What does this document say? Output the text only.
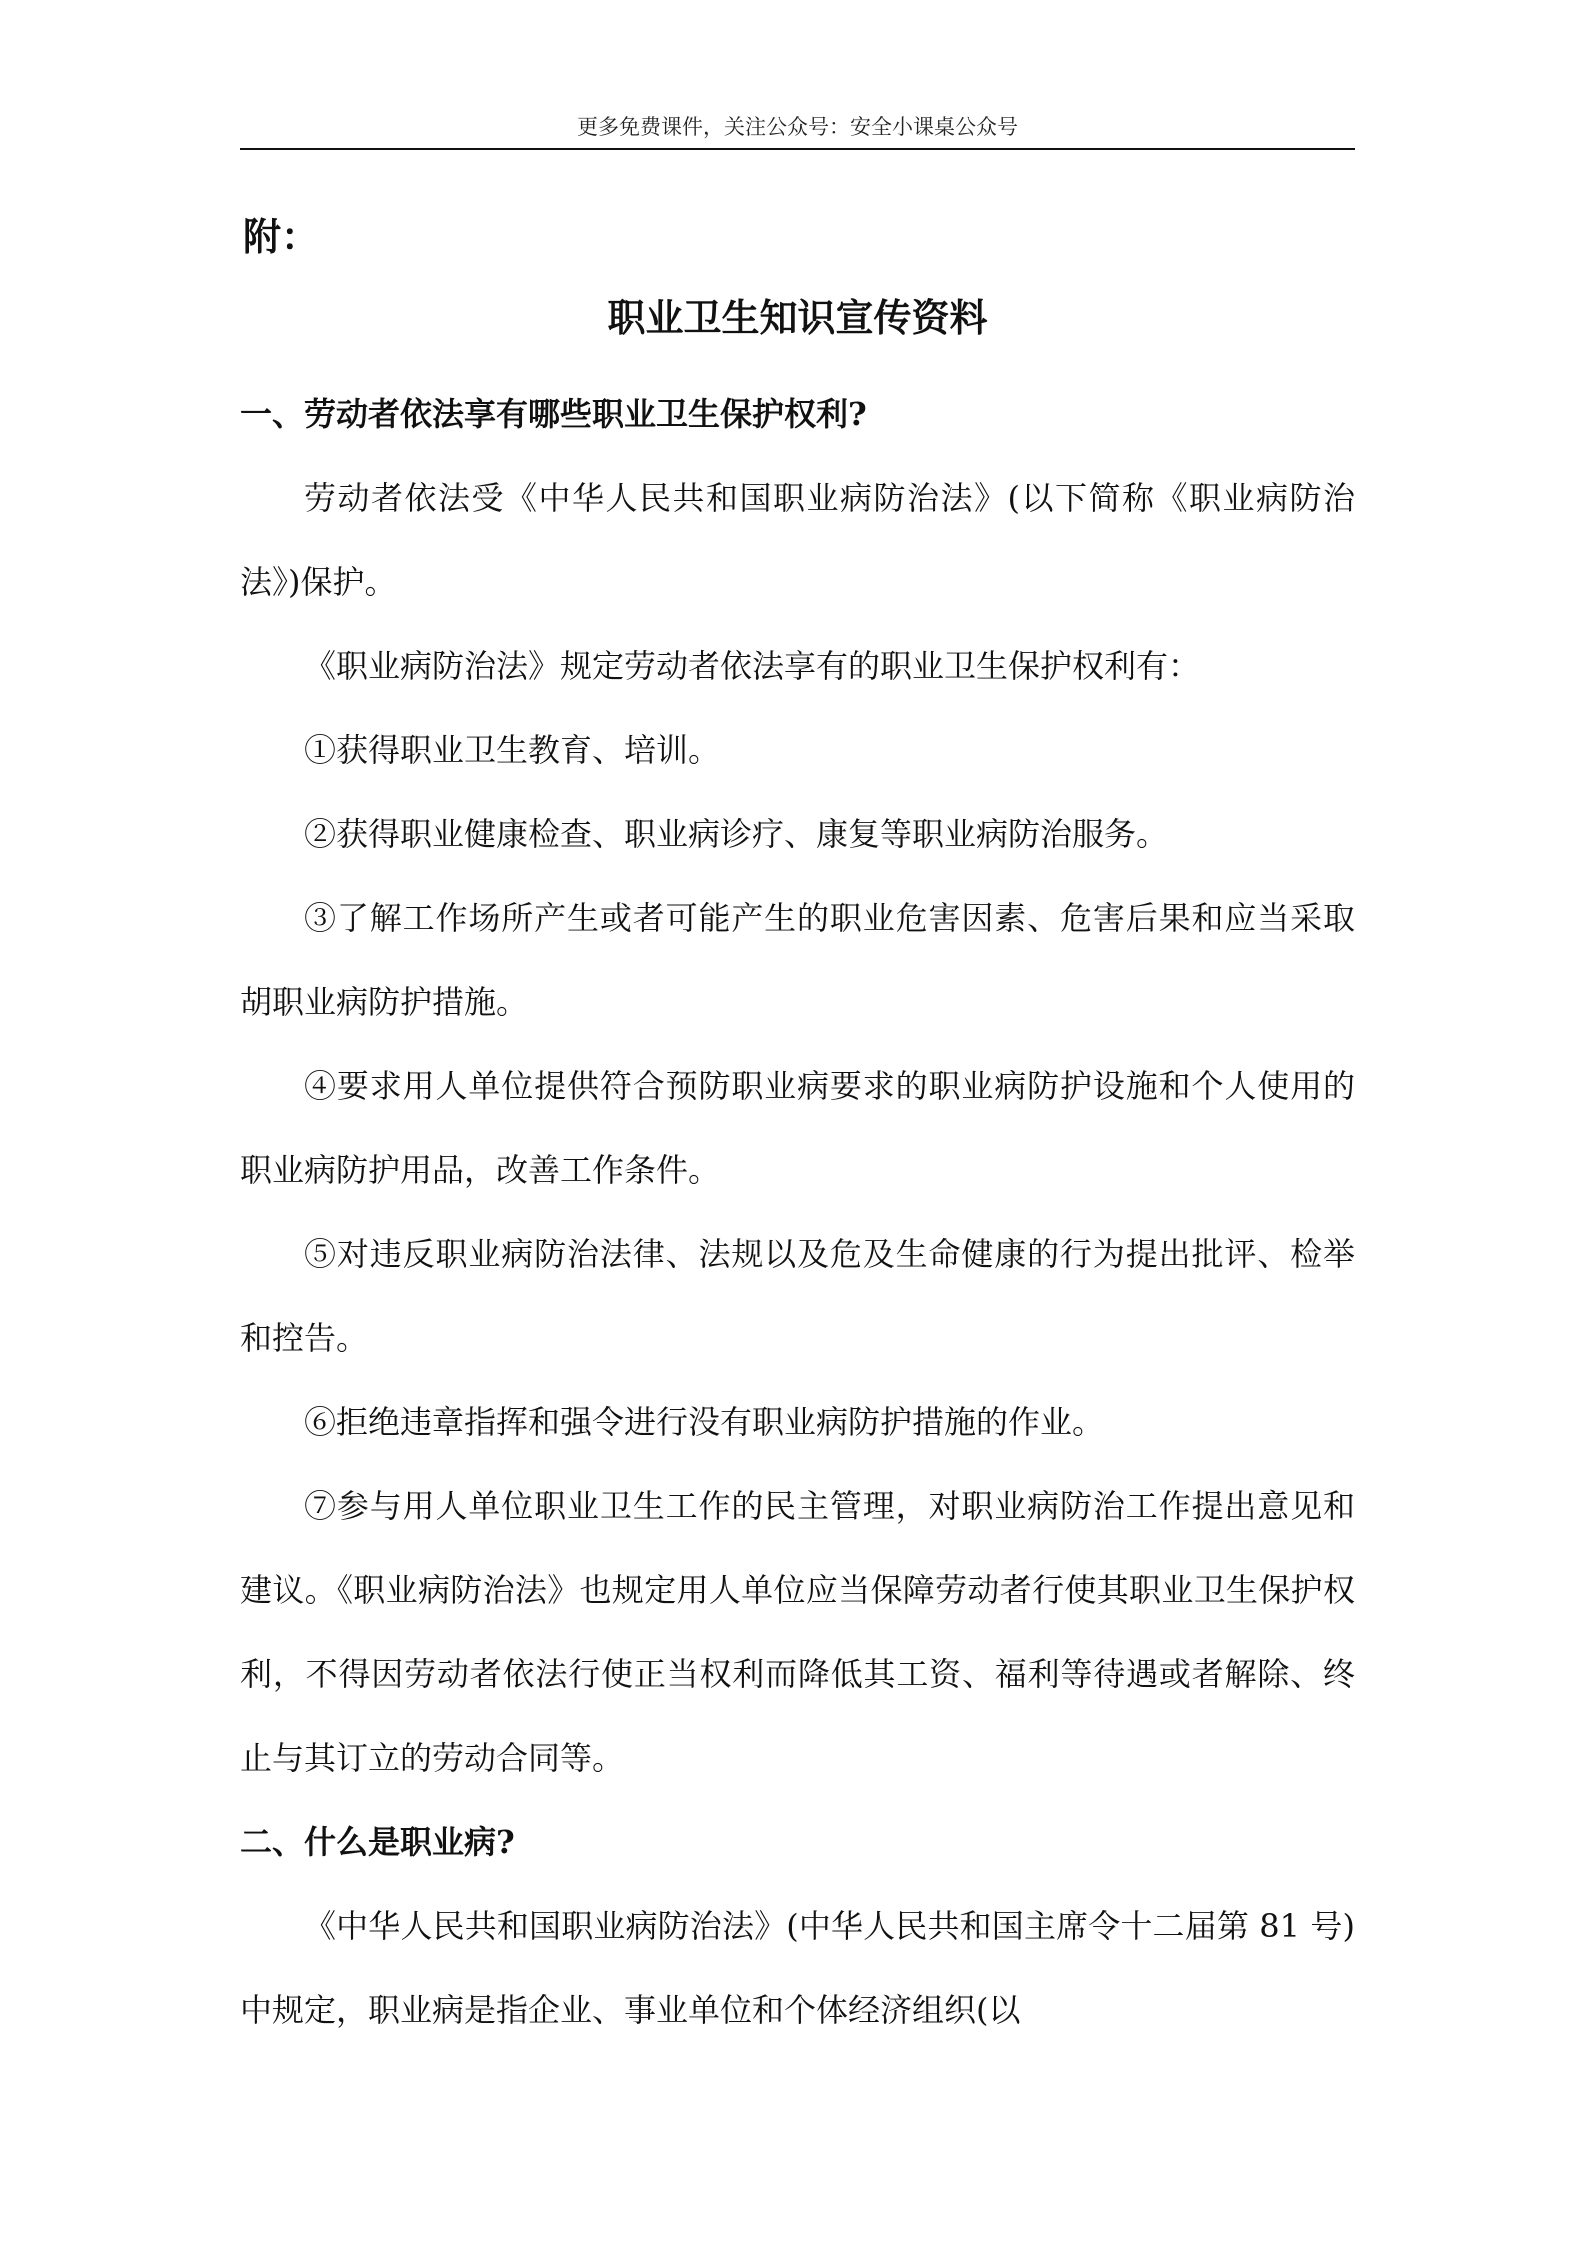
更多免费课件，关注公众号：安全小课桌公众号
附：
职业卫生知识宣传资料

一、劳动者依法享有哪些职业卫生保护权利?

劳动者依法受《中华人民共和国职业病防治法》(以下简称《职业病防治法》)保护。

《职业病防治法》规定劳动者依法享有的职业卫生保护权利有：

①获得职业卫生教育、培训。

②获得职业健康检查、职业病诊疗、康复等职业病防治服务。

③了解工作场所产生或者可能产生的职业危害因素、危害后果和应当采取胡职业病防护措施。

④要求用人单位提供符合预防职业病要求的职业病防护设施和个人使用的职业病防护用品，改善工作条件。

⑤对违反职业病防治法律、法规以及危及生命健康的行为提出批评、检举和控告。

⑥拒绝违章指挥和强令进行没有职业病防护措施的作业。

⑦参与用人单位职业卫生工作的民主管理，对职业病防治工作提出意见和建议。《职业病防治法》也规定用人单位应当保障劳动者行使其职业卫生保护权利，不得因劳动者依法行使正当权利而降低其工资、福利等待遇或者解除、终止与其订立的劳动合同等。

二、什么是职业病?

《中华人民共和国职业病防治法》(中华人民共和国主席令十二届第 81 号)中规定，职业病是指企业、事业单位和个体经济组织(以
